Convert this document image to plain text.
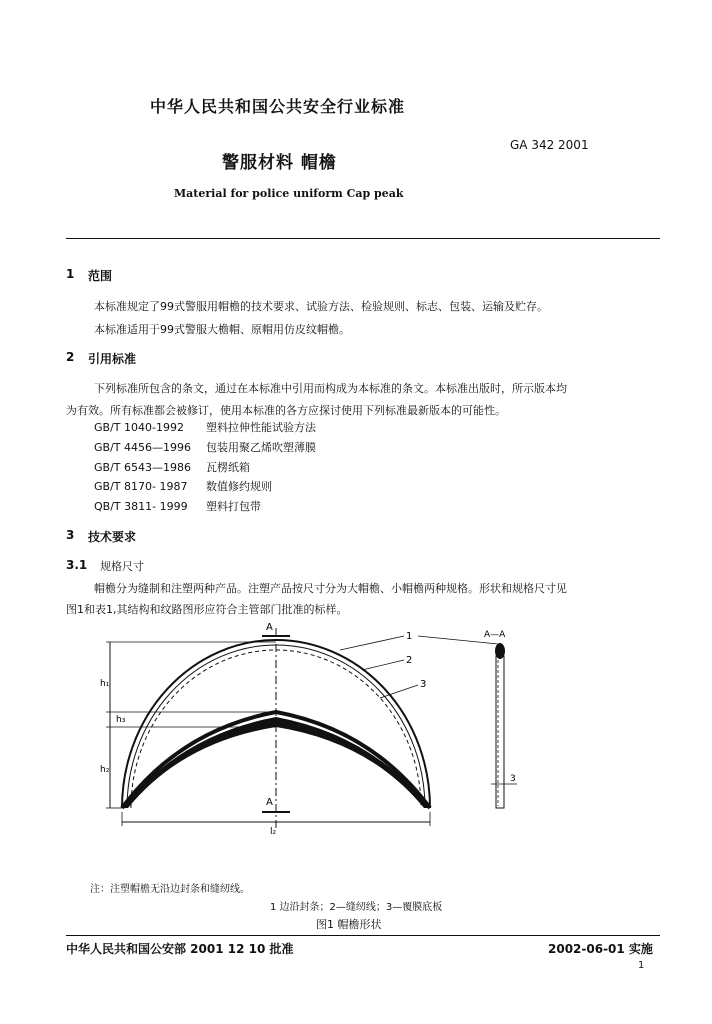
中华人民共和国公共安全行业标准
GA 342 2001
警服材料 帽檐
Material for police uniform Cap peak
1 范围
本标准规定了99式警服用帽檐的技术要求、试验方法、检验规则、标志、包装、运输及贮存。
本标准适用于99式警服大檐帽、原帽用仿皮纹帽檐。
2 引用标准
下列标准所包含的条文，通过在本标准中引用而构成为本标准的条文。本标准出版时，所示版本均
为有效。所有标准都会被修订，使用本标准的各方应探讨使用下列标准最新版本的可能性。
GB/T 1040-1992 塑料拉伸性能试验方法
GB/T 4456—1996 包装用聚乙烯吹塑薄膜
GB/T 6543—1986 瓦楞纸箱
GB/T 8170- 1987 数值修约规则
QB/T 3811- 1999 塑料打包带
3 技术要求
3.1 规格尺寸
帽檐分为缝制和注塑两种产品。注塑产品按尺寸分为大帽檐、小帽檐两种规格。形状和规格尺寸见
图1和表1,其结构和纹路图形应符合主管部门批准的标样。
A
A
h₁
h₃
h₂
l₂
1
2
3
A—A
3
注：注塑帽檐无沿边封条和缝纫线。
1 边沿封条；2—缝纫线；3—覆膜底板
图1 帽檐形状
中华人民共和国公安部 2001 12 10 批准	2002-06-01 实施
1
